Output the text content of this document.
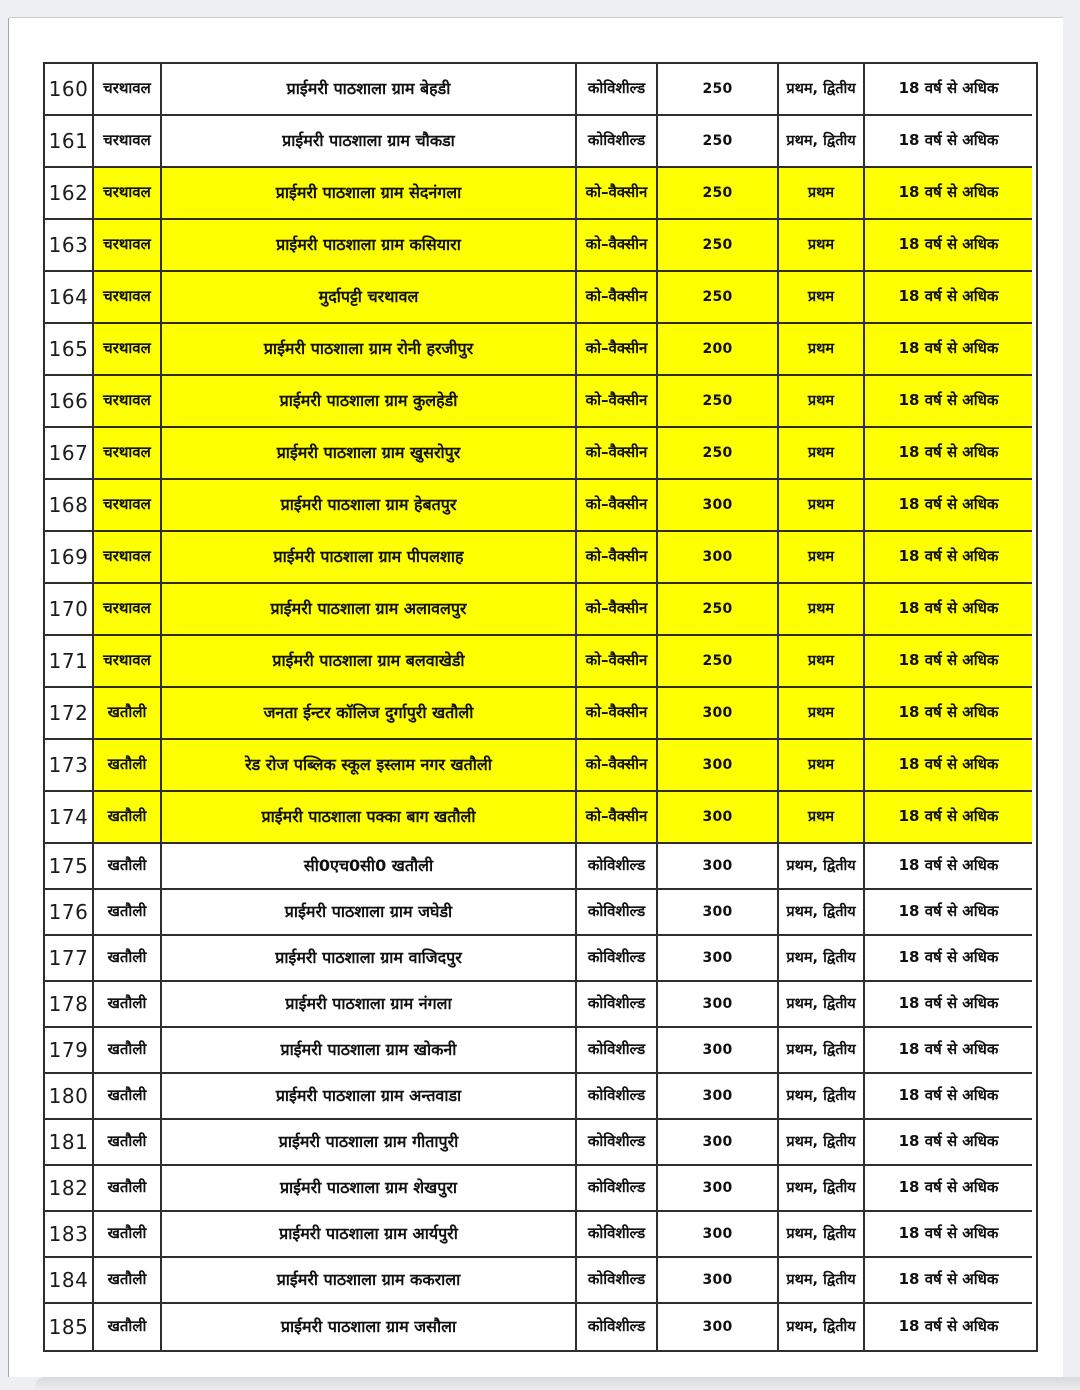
160 चरथावल	प्राईमरी पाठशाला ग्राम बेहडी	कोविशील्ड	250	प्रथम, द्वितीय	18 वर्ष से अधिक
161 चरथावल	प्राईमरी पाठशाला ग्राम चौकडा	कोविशील्ड	250	प्रथम, द्वितीय	18 वर्ष से अधिक
162 चरथावल	प्राईमरी पाठशाला ग्राम सेदनंगला	को–वैक्सीन	250	प्रथम	18 वर्ष से अधिक
163 चरथावल	प्राईमरी पाठशाला ग्राम कसियारा	को–वैक्सीन	250	प्रथम	18 वर्ष से अधिक
164 चरथावल	मुर्दापट्टी चरथावल	को–वैक्सीन	250	प्रथम	18 वर्ष से अधिक
165 चरथावल	प्राईमरी पाठशाला ग्राम रोनी हरजीपुर	को–वैक्सीन	200	प्रथम	18 वर्ष से अधिक
166 चरथावल	प्राईमरी पाठशाला ग्राम कुलहेडी	को–वैक्सीन	250	प्रथम	18 वर्ष से अधिक
167 चरथावल	प्राईमरी पाठशाला ग्राम खुसरोपुर	को–वैक्सीन	250	प्रथम	18 वर्ष से अधिक
168 चरथावल	प्राईमरी पाठशाला ग्राम हेबतपुर	को–वैक्सीन	300	प्रथम	18 वर्ष से अधिक
169 चरथावल	प्राईमरी पाठशाला ग्राम पीपलशाह	को–वैक्सीन	300	प्रथम	18 वर्ष से अधिक
170 चरथावल	प्राईमरी पाठशाला ग्राम अलावलपुर	को–वैक्सीन	250	प्रथम	18 वर्ष से अधिक
171 चरथावल	प्राईमरी पाठशाला ग्राम बलवाखेडी	को–वैक्सीन	250	प्रथम	18 वर्ष से अधिक
172	खतौली	जनता ईन्टर कॉलिज दुर्गापुरी खतौली	को–वैक्सीन	300	प्रथम	18 वर्ष से अधिक
173	खतौली	रेड रोज पब्लिक स्कूल इस्लाम नगर खतौली	को–वैक्सीन	300	प्रथम	18 वर्ष से अधिक
174	खतौली	प्राईमरी पाठशाला पक्का बाग खतौली	को–वैक्सीन	300	प्रथम	18 वर्ष से अधिक
175	खतौली	सी0एच0सी0 खतौली	कोविशील्ड	300	प्रथम, द्वितीय	18 वर्ष से अधिक
176	खतौली	प्राईमरी पाठशाला ग्राम जघेडी	कोविशील्ड	300	प्रथम, द्वितीय	18 वर्ष से अधिक
177	खतौली	प्राईमरी पाठशाला ग्राम वाजिदपुर	कोविशील्ड	300	प्रथम, द्वितीय	18 वर्ष से अधिक
178	खतौली	प्राईमरी पाठशाला ग्राम नंगला	कोविशील्ड	300	प्रथम, द्वितीय	18 वर्ष से अधिक
179	खतौली	प्राईमरी पाठशाला ग्राम खोकनी	कोविशील्ड	300	प्रथम, द्वितीय	18 वर्ष से अधिक
180	खतौली	प्राईमरी पाठशाला ग्राम अन्तवाडा	कोविशील्ड	300	प्रथम, द्वितीय	18 वर्ष से अधिक
181	खतौली	प्राईमरी पाठशाला ग्राम गीतापुरी	कोविशील्ड	300	प्रथम, द्वितीय	18 वर्ष से अधिक
182	खतौली	प्राईमरी पाठशाला ग्राम शेखपुरा	कोविशील्ड	300	प्रथम, द्वितीय	18 वर्ष से अधिक
183	खतौली	प्राईमरी पाठशाला ग्राम आर्यपुरी	कोविशील्ड	300	प्रथम, द्वितीय	18 वर्ष से अधिक
184	खतौली	प्राईमरी पाठशाला ग्राम ककराला	कोविशील्ड	300	प्रथम, द्वितीय	18 वर्ष से अधिक
185	खतौली	प्राईमरी पाठशाला ग्राम जसौला	कोविशील्ड	300	प्रथम, द्वितीय	18 वर्ष से अधिक
